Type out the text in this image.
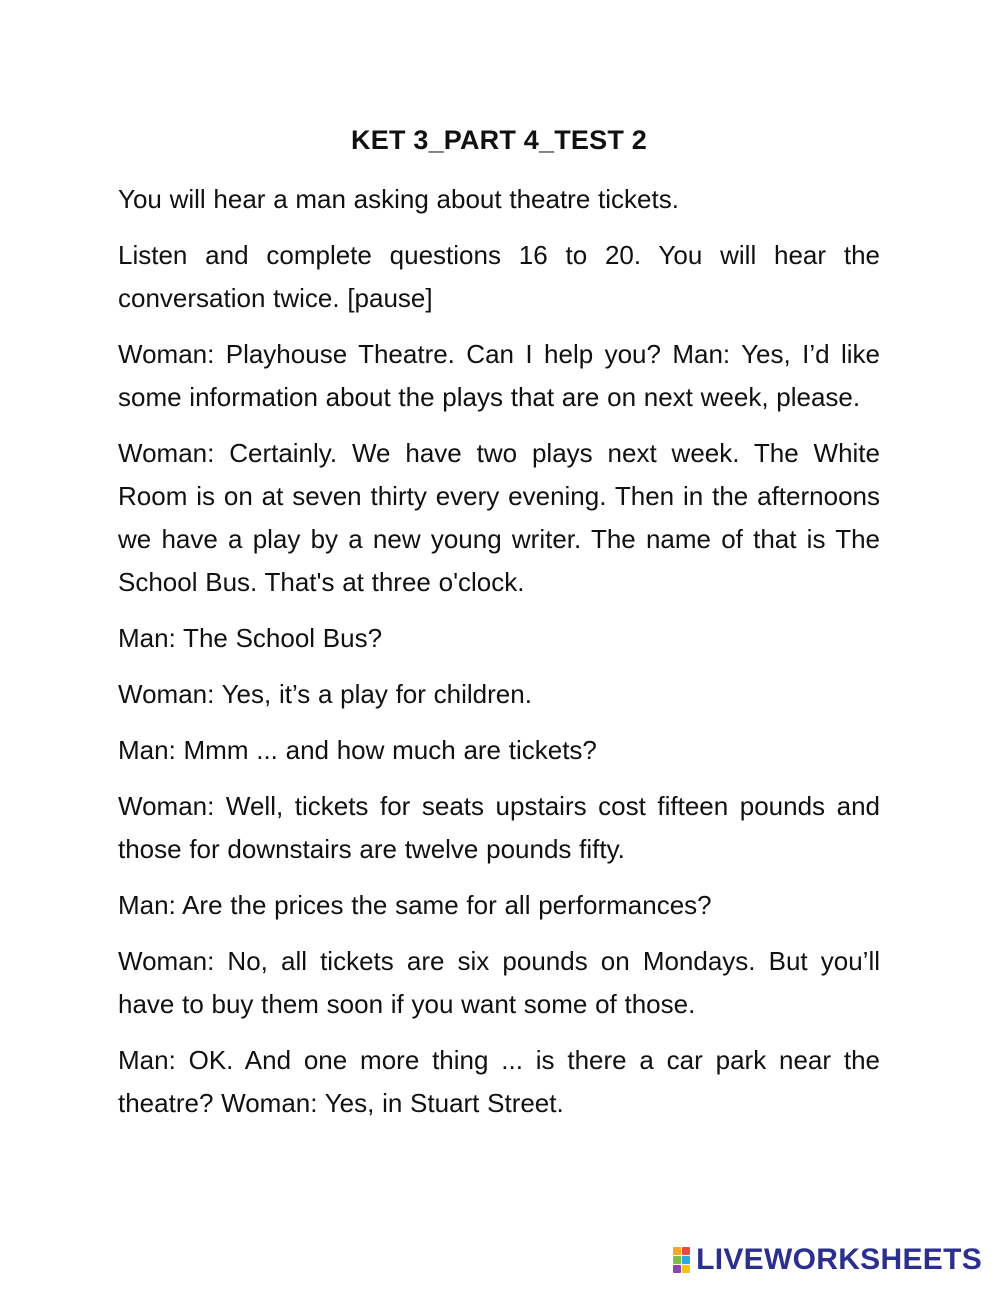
KET 3_PART 4_TEST 2

You will hear a man asking about theatre tickets.

Listen and complete questions 16 to 20. You will hear the conversation twice. [pause]

Woman: Playhouse Theatre. Can I help you? Man: Yes, I’d like some information about the plays that are on next week, please.

Woman: Certainly. We have two plays next week. The White Room is on at seven thirty every evening. Then in the afternoons we have a play by a new young writer. The name of that is The School Bus. That's at three o'clock.

Man: The School Bus?

Woman: Yes, it’s a play for children.

Man: Mmm ... and how much are tickets?

Woman: Well, tickets for seats upstairs cost fifteen pounds and those for downstairs are twelve pounds fifty.

Man: Are the prices the same for all performances?

Woman: No, all tickets are six pounds on Mondays. But you’ll have to buy them soon if you want some of those.

Man: OK. And one more thing ... is there a car park near the theatre? Woman: Yes, in Stuart Street.

LIVEWORKSHEETS
